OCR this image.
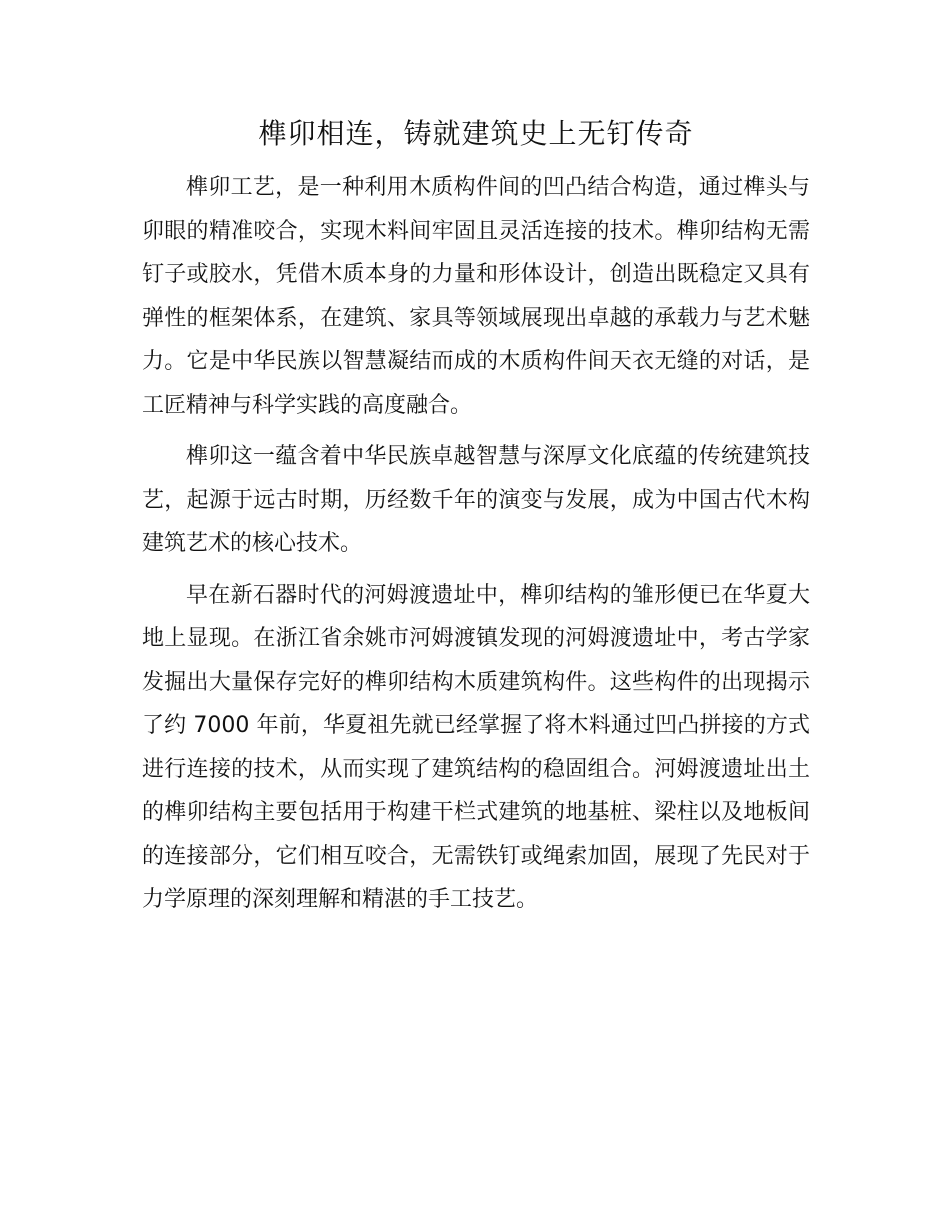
榫卯相连，铸就建筑史上无钉传奇

榫卯工艺，是一种利用木质构件间的凹凸结合构造，通过榫头与卯眼的精准咬合，实现木料间牢固且灵活连接的技术。榫卯结构无需钉子或胶水，凭借木质本身的力量和形体设计，创造出既稳定又具有弹性的框架体系，在建筑、家具等领域展现出卓越的承载力与艺术魅力。它是中华民族以智慧凝结而成的木质构件间天衣无缝的对话，是工匠精神与科学实践的高度融合。

榫卯这一蕴含着中华民族卓越智慧与深厚文化底蕴的传统建筑技艺，起源于远古时期，历经数千年的演变与发展，成为中国古代木构建筑艺术的核心技术。

早在新石器时代的河姆渡遗址中，榫卯结构的雏形便已在华夏大地上显现。在浙江省余姚市河姆渡镇发现的河姆渡遗址中，考古学家发掘出大量保存完好的榫卯结构木质建筑构件。这些构件的出现揭示了约 7000 年前，华夏祖先就已经掌握了将木料通过凹凸拼接的方式进行连接的技术，从而实现了建筑结构的稳固组合。河姆渡遗址出土的榫卯结构主要包括用于构建干栏式建筑的地基桩、梁柱以及地板间的连接部分，它们相互咬合，无需铁钉或绳索加固，展现了先民对于力学原理的深刻理解和精湛的手工技艺。
